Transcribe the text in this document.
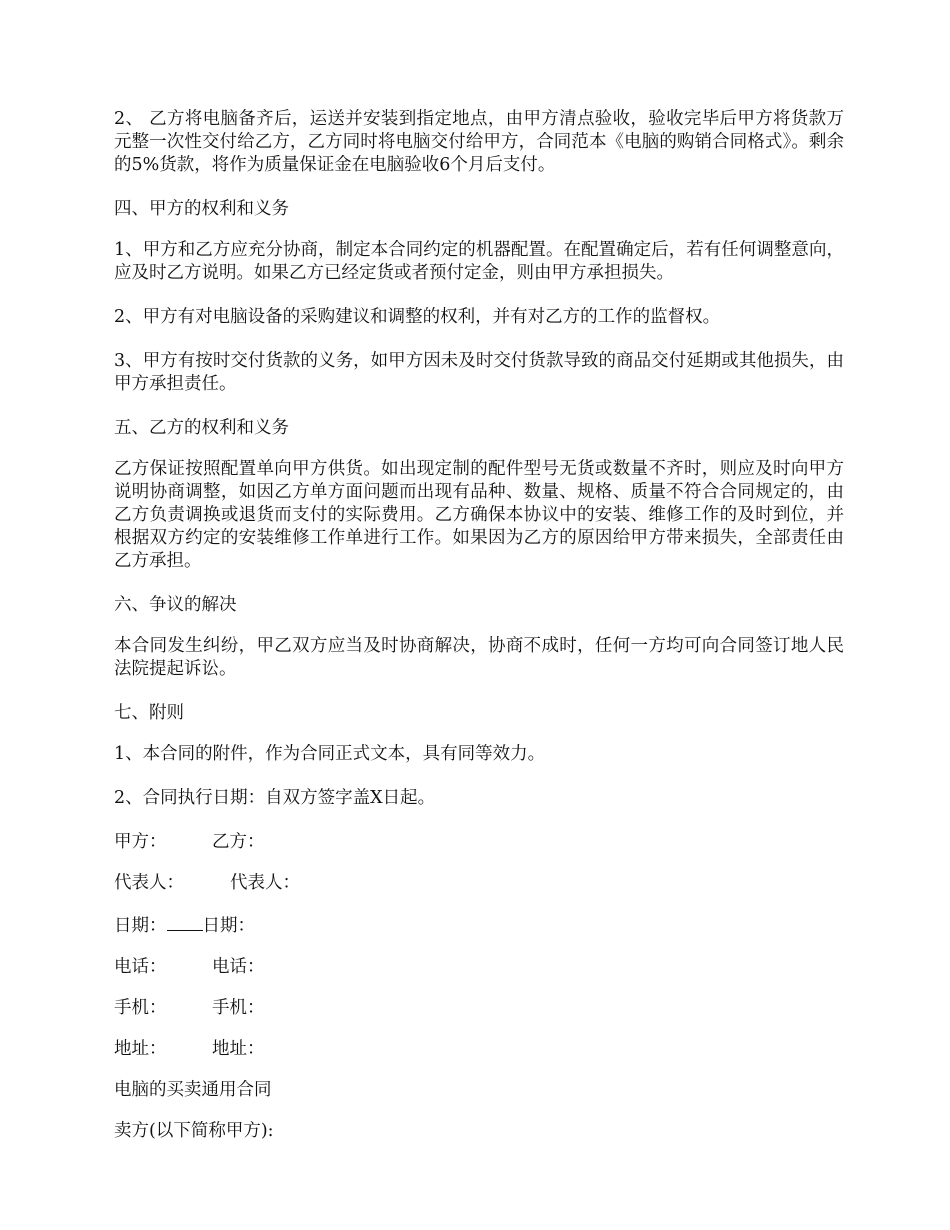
2、 乙方将电脑备齐后，运送并安装到指定地点，由甲方清点验收，验收完毕后甲方将货款万元整一次性交付给乙方，乙方同时将电脑交付给甲方，合同范本《电脑的购销合同格式》。剩余的5%货款，将作为质量保证金在电脑验收6个月后支付。

四、甲方的权利和义务

1、甲方和乙方应充分协商，制定本合同约定的机器配置。在配置确定后，若有任何调整意向，应及时乙方说明。如果乙方已经定货或者预付定金，则由甲方承担损失。

2、甲方有对电脑设备的采购建议和调整的权利，并有对乙方的工作的监督权。

3、甲方有按时交付货款的义务，如甲方因未及时交付货款导致的商品交付延期或其他损失，由甲方承担责任。

五、乙方的权利和义务

乙方保证按照配置单向甲方供货。如出现定制的配件型号无货或数量不齐时，则应及时向甲方说明协商调整，如因乙方单方面问题而出现有品种、数量、规格、质量不符合合同规定的，由乙方负责调换或退货而支付的实际费用。乙方确保本协议中的安装、维修工作的及时到位，并根据双方约定的安装维修工作单进行工作。如果因为乙方的原因给甲方带来损失，全部责任由乙方承担。

六、争议的解决

本合同发生纠纷，甲乙双方应当及时协商解决，协商不成时，任何一方均可向合同签订地人民法院提起诉讼。

七、附则

1、本合同的附件，作为合同正式文本，具有同等效力。

2、合同执行日期：自双方签字盖X日起。

甲方：	乙方：
代表人：	代表人：
日期： 日期：
电话：	电话：
手机：	手机：
地址：	地址：
电脑的买卖通用合同
卖方(以下简称甲方):
